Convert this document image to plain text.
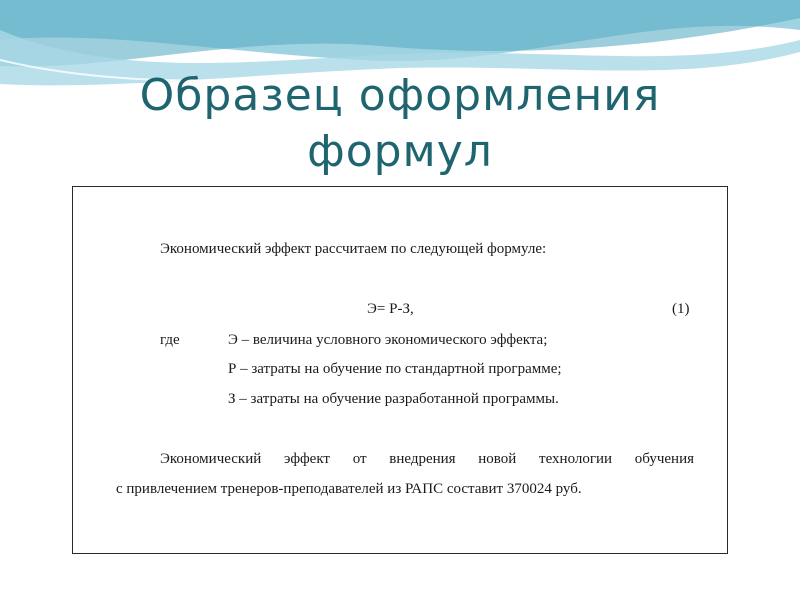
Образец оформления
формул
Экономический эффект рассчитаем по следующей формуле:
Э= Р-З,	(1)
где	Э – величина условного экономического эффекта;
Р – затраты на обучение по стандартной программе;
З – затраты на обучение разработанной программы.
Экономический эффект от внедрения новой технологии обучения
с привлечением тренеров-преподавателей из РАПС составит 370024 руб.
